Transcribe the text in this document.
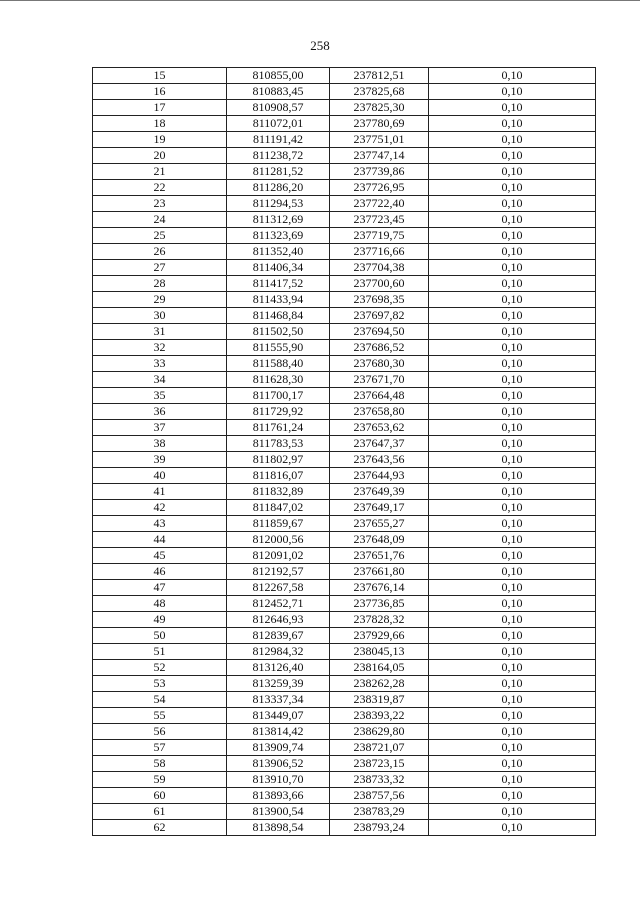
258
15	810855,00	237812,51	0,10
16	810883,45	237825,68	0,10
17	810908,57	237825,30	0,10
18	811072,01	237780,69	0,10
19	811191,42	237751,01	0,10
20	811238,72	237747,14	0,10
21	811281,52	237739,86	0,10
22	811286,20	237726,95	0,10
23	811294,53	237722,40	0,10
24	811312,69	237723,45	0,10
25	811323,69	237719,75	0,10
26	811352,40	237716,66	0,10
27	811406,34	237704,38	0,10
28	811417,52	237700,60	0,10
29	811433,94	237698,35	0,10
30	811468,84	237697,82	0,10
31	811502,50	237694,50	0,10
32	811555,90	237686,52	0,10
33	811588,40	237680,30	0,10
34	811628,30	237671,70	0,10
35	811700,17	237664,48	0,10
36	811729,92	237658,80	0,10
37	811761,24	237653,62	0,10
38	811783,53	237647,37	0,10
39	811802,97	237643,56	0,10
40	811816,07	237644,93	0,10
41	811832,89	237649,39	0,10
42	811847,02	237649,17	0,10
43	811859,67	237655,27	0,10
44	812000,56	237648,09	0,10
45	812091,02	237651,76	0,10
46	812192,57	237661,80	0,10
47	812267,58	237676,14	0,10
48	812452,71	237736,85	0,10
49	812646,93	237828,32	0,10
50	812839,67	237929,66	0,10
51	812984,32	238045,13	0,10
52	813126,40	238164,05	0,10
53	813259,39	238262,28	0,10
54	813337,34	238319,87	0,10
55	813449,07	238393,22	0,10
56	813814,42	238629,80	0,10
57	813909,74	238721,07	0,10
58	813906,52	238723,15	0,10
59	813910,70	238733,32	0,10
60	813893,66	238757,56	0,10
61	813900,54	238783,29	0,10
62	813898,54	238793,24	0,10
